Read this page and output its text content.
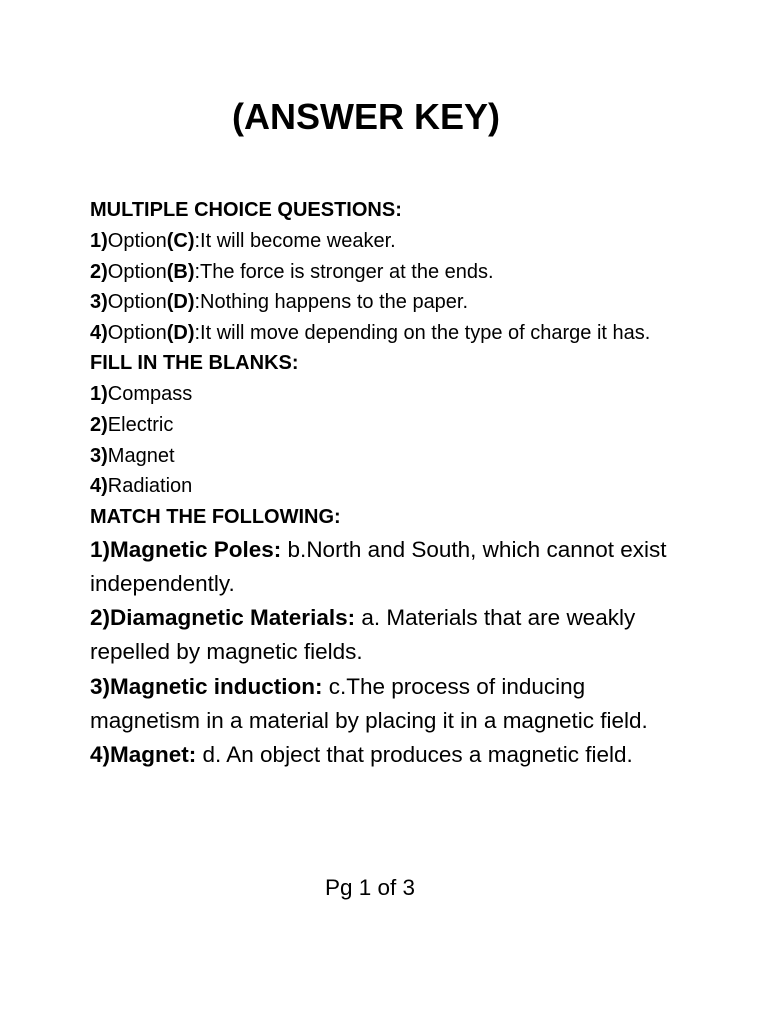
(ANSWER KEY)

MULTIPLE CHOICE QUESTIONS:

1)Option(C):It will become weaker.

2)Option(B):The force is stronger at the ends.

3)Option(D):Nothing happens to the paper.

4)Option(D):It will move depending on the type of charge it has.

FILL IN THE BLANKS:

1)Compass

2)Electric

3)Magnet

4)Radiation

MATCH THE FOLLOWING:

1)Magnetic Poles: b.North and South, which cannot exist independently.

2)Diamagnetic Materials: a. Materials that are weakly repelled by magnetic fields.

3)Magnetic induction: c.The process of inducing magnetism in a material by placing it in a magnetic field.

4)Magnet: d. An object that produces a magnetic field.

Pg 1 of 3
